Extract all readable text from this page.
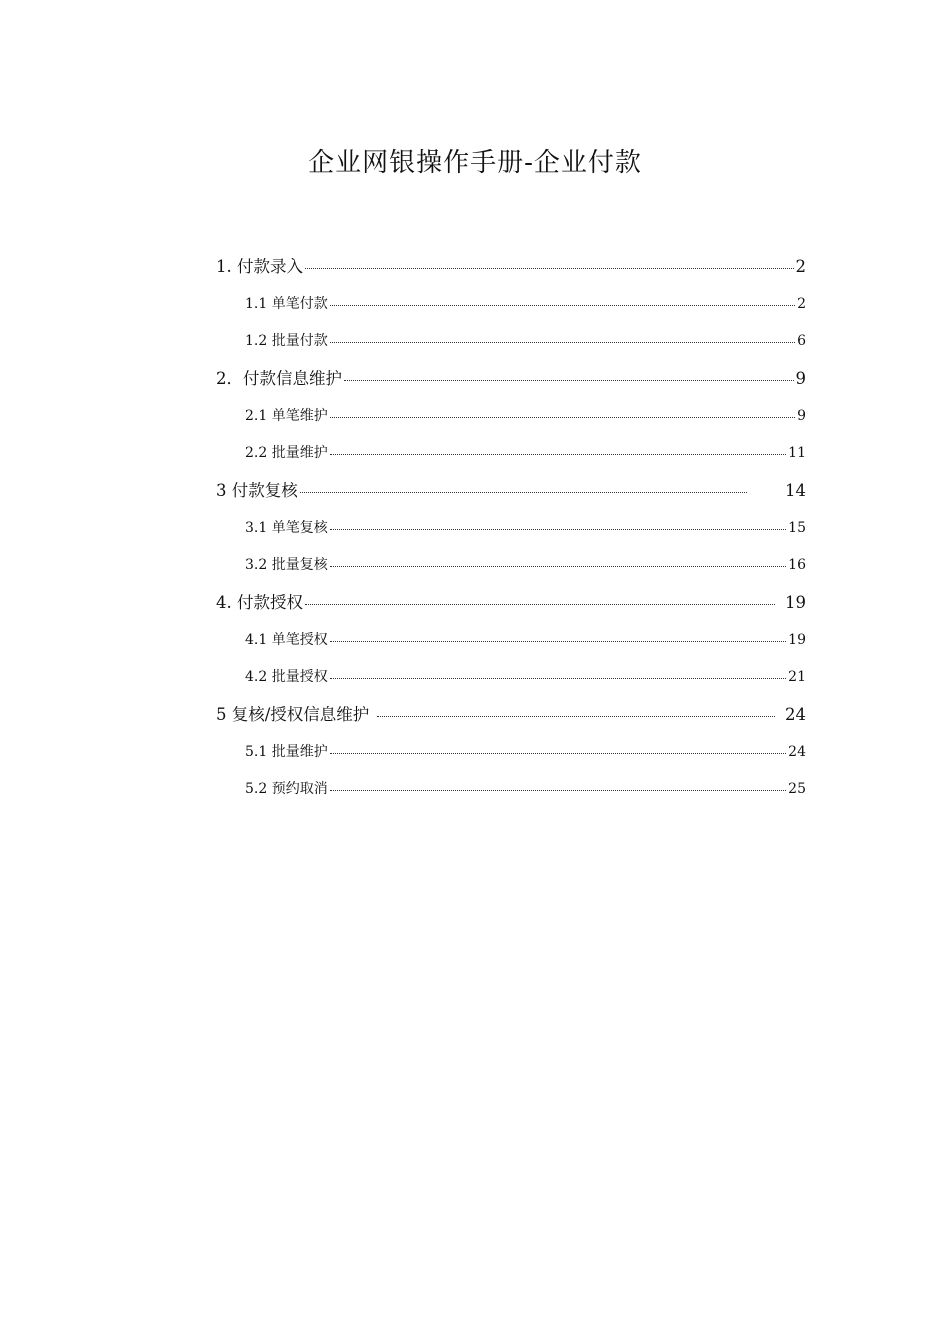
企业网银操作手册-企业付款
1. 付款录入	2
1.1 单笔付款	2
1.2 批量付款	6
2．付款信息维护	9
2.1 单笔维护	9
2.2 批量维护	11
3 付款复核	14
3.1 单笔复核	15
3.2 批量复核	16
4. 付款授权	19
4.1 单笔授权	19
4.2 批量授权	21
5 复核/授权信息维护	24
5.1 批量维护	24
5.2 预约取消	25
